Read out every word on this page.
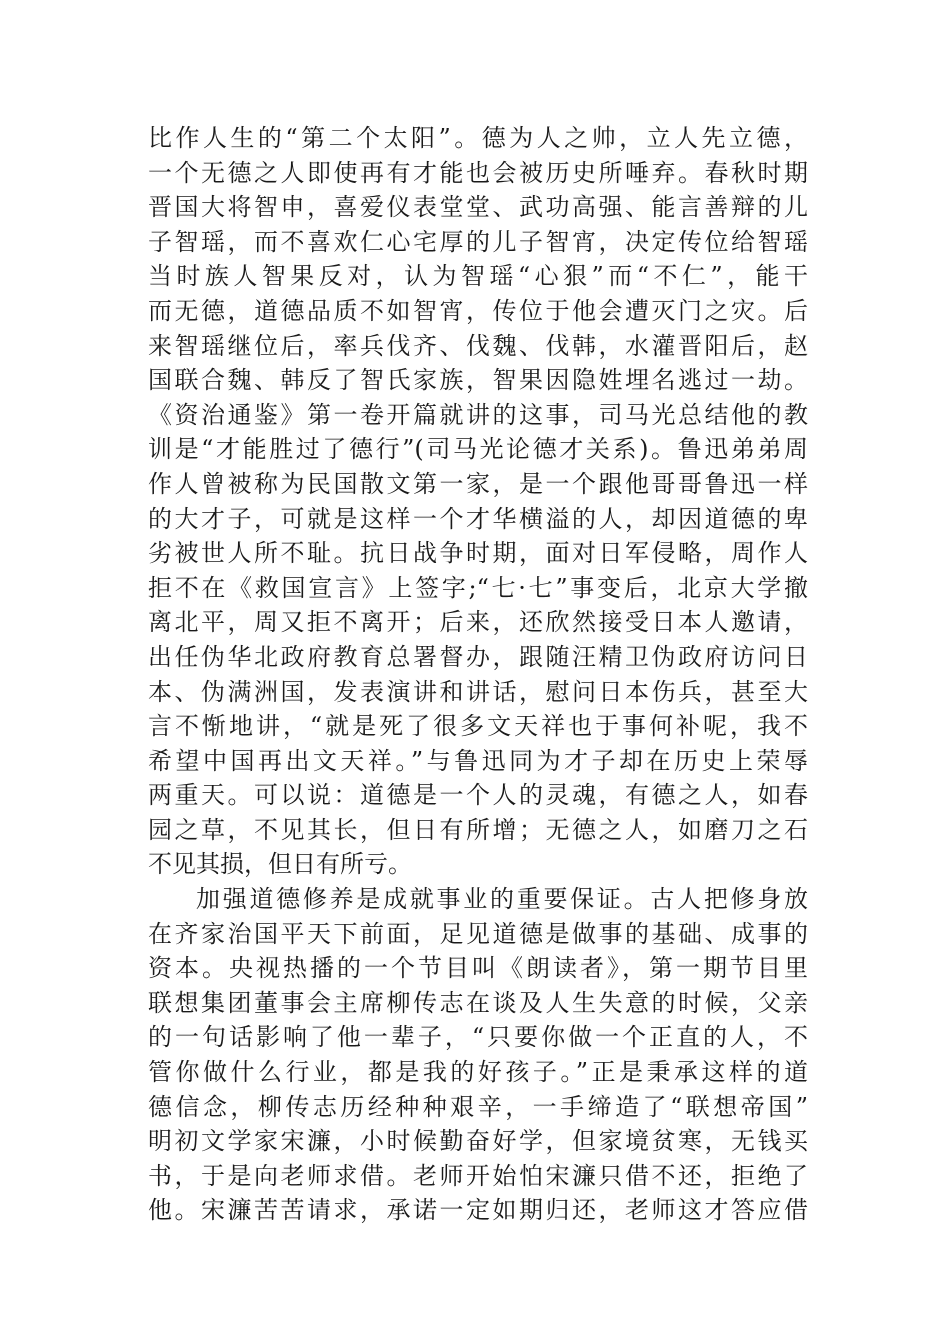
比作人生的“第二个太阳”。德为人之帅，立人先立德，
一个无德之人即使再有才能也会被历史所唾弃。春秋时期
晋国大将智申，喜爱仪表堂堂、武功高强、能言善辩的儿
子智瑶，而不喜欢仁心宅厚的儿子智宵，决定传位给智瑶
当时族人智果反对，认为智瑶“心狠”而“不仁”，能干
而无德，道德品质不如智宵，传位于他会遭灭门之灾。后
来智瑶继位后，率兵伐齐、伐魏、伐韩，水灌晋阳后，赵
国联合魏、韩反了智氏家族，智果因隐姓埋名逃过一劫。
《资治通鉴》第一卷开篇就讲的这事，司马光总结他的教
训是“才能胜过了德行”(司马光论德才关系)。鲁迅弟弟周
作人曾被称为民国散文第一家，是一个跟他哥哥鲁迅一样
的大才子，可就是这样一个才华横溢的人，却因道德的卑
劣被世人所不耻。抗日战争时期，面对日军侵略，周作人
拒不在《救国宣言》上签字;“七·七”事变后，北京大学撤
离北平，周又拒不离开；后来，还欣然接受日本人邀请，
出任伪华北政府教育总署督办，跟随汪精卫伪政府访问日
本、伪满洲国，发表演讲和讲话，慰问日本伤兵，甚至大
言不惭地讲，“就是死了很多文天祥也于事何补呢，我不
希望中国再出文天祥。”与鲁迅同为才子却在历史上荣辱
两重天。可以说：道德是一个人的灵魂，有德之人，如春
园之草，不见其长，但日有所增；无德之人，如磨刀之石
不见其损，但日有所亏。
加强道德修养是成就事业的重要保证。古人把修身放
在齐家治国平天下前面，足见道德是做事的基础、成事的
资本。央视热播的一个节目叫《朗读者》，第一期节目里
联想集团董事会主席柳传志在谈及人生失意的时候，父亲
的一句话影响了他一辈子，“只要你做一个正直的人，不
管你做什么行业，都是我的好孩子。”正是秉承这样的道
德信念，柳传志历经种种艰辛，一手缔造了“联想帝国”
明初文学家宋濂，小时候勤奋好学，但家境贫寒，无钱买
书，于是向老师求借。老师开始怕宋濂只借不还，拒绝了
他。宋濂苦苦请求，承诺一定如期归还，老师这才答应借
